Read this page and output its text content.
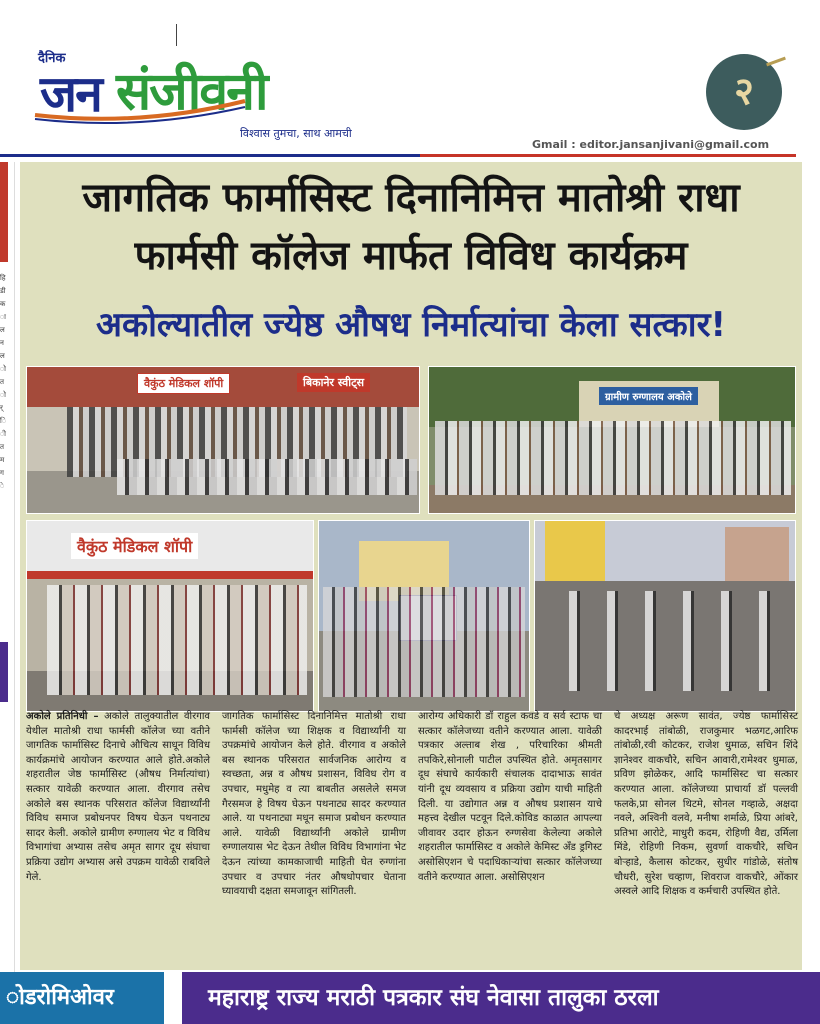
दैनिक
जन संजीवनी
विश्वास तुमचा, साथ आमची
२
Gmail : editor.jansanjivani@gmail.com
हि
डी
क
ा
ल
न
ल
ो
त
ो
र्
ि
ी
त
म
ग
े
जागतिक फार्मासिस्ट दिनानिमित्त मातोश्री राधा
फार्मसी कॉलेज मार्फत विविध कार्यक्रम
अकोल्यातील ज्येष्ठ औषध निर्मात्यांचा केला सत्कार!
वैकुंठ मेडिकल शॉपी	बिकानेर स्वीट्स
ग्रामीण रुग्णालय अकोले
वैकुंठ मेडिकल शॉपी
अकोले प्रतिनिधी – अकोले तालुक्यातील वीरगाव येथील मातोश्री राधा फार्मसी कॉलेज च्या वतीने जागतिक फार्मासिस्ट दिनाचे औचित्य साधून विविध कार्यक्रमांचे आयोजन करण्यात आले होते.अकोले शहरातील जेष्ठ फार्मासिस्ट (औषध निर्मात्यांचा) सत्कार यावेळी करण्यात आला. वीरगाव तसेच अकोले बस स्थानक परिसरात कॉलेज विद्यार्थ्यांनी विविध समाज प्रबोधनपर विषय घेऊन पथनाट्य सादर केली. अकोले ग्रामीण रुग्णालय भेट व विविध विभागांचा अभ्यास तसेच अमृत सागर दूध संघाचा प्रक्रिया उद्योग अभ्यास असे उपक्रम यावेळी राबविले गेले.
जागतिक फार्मासिस्ट दिनानिमित्त मातोश्री राधा फार्मसी कॉलेज च्या शिक्षक व विद्यार्थ्यांनी या उपक्रमांचे आयोजन केले होते. वीरगाव व अकोले बस स्थानक परिसरात सार्वजनिक आरोग्य व स्वच्छता, अन्न व औषध प्रशासन, विविध रोग व उपचार, मधुमेह व त्या बाबतीत असलेले समज गैरसमज हे विषय घेऊन पथनाट्य सादर करण्यात आले. या पथनाट्या मधून समाज प्रबोधन करण्यात आले. यावेळी विद्यार्थ्यांनी अकोले ग्रामीण रुग्णालयास भेट देऊन तेथील विविध विभागांना भेट देऊन त्यांच्या कामकाजाची माहिती घेत रुग्णांना उपचार व उपचार नंतर औषधोपचार घेताना घ्यावयाची दक्षता समजावून सांगितली.
आरोग्य अधिकारी डॉ राहुल कवडे व सर्व स्टाफ चा सत्कार कॉलेजच्या वतीने करण्यात आला. यावेळी पत्रकार अल्ताब शेख , परिचारिका श्रीमती तपकिरे,सोनाली पाटील उपस्थित होते. अमृतसागर दूध संघाचे कार्यकारी संचालक दादाभाऊ सावंत यांनी दूध व्यवसाय व प्रक्रिया उद्योग याची माहिती दिली. या उद्योगात अन्न व औषध प्रशासन याचे महत्त्व देखील पटवून दिले.कोविड काळात आपल्या जीवावर उदार होऊन रुग्णसेवा केलेल्या अकोले शहरातील फार्मासिस्ट व अकोले केमिस्ट अँड ड्रगिस्ट असोसिएशन चे पदाधिकाऱ्यांचा सत्कार कॉलेजच्या वतीने करण्यात आला. असोसिएशन
चे अध्यक्ष अरूण सावंत, ज्येष्ठ फार्मासिस्ट कादरभाई तांबोळी, राजकुमार भळगट,आरिफ तांबोळी,रवी कोटकर, राजेश धुमाळ, सचिन शिंदे ज्ञानेश्वर वाकचौरे, सचिन आवारी,रामेश्वर धुमाळ, प्रविण झोळेकर, आदि फार्मासिस्ट चा सत्कार करण्यात आला. कॉलेजच्या प्राचार्या डॉ पल्लवी फलके,प्रा सोनल थिटमे, सोनल गव्हाळे, अक्षदा नवले, अश्विनी वलवे, मनीषा शर्माळे, प्रिया आंबरे, प्रतिभा आरोटे, माधुरी कदम, रोहिणी वैद्य, उर्मिला मिंडे, रोहिणी निकम, सुवर्णा वाकचौरे, सचिन बोऱ्हाडे, कैलास कोटकर, सुधीर गांडोळे, संतोष चौधरी, सुरेश चव्हाण, शिवराज वाकचौरे, ओंकार अस्वले आदि शिक्षक व कर्मचारी उपस्थित होते.
ोडरोमिओवर	महाराष्ट्र राज्य मराठी पत्रकार संघ नेवासा तालुका ठरला
